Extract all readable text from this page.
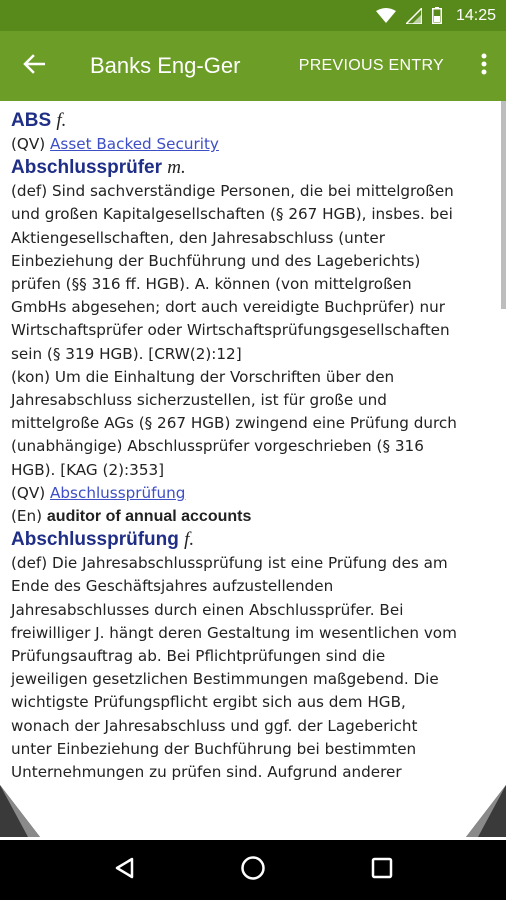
14:25
Banks Eng-Ger	PREVIOUS ENTRY
ABS f.
(QV) Asset Backed Security
Abschlussprüfer m.
(def) Sind sachverständige Personen, die bei mittelgroßen
und großen Kapitalgesellschaften (§ 267 HGB), insbes. bei
Aktiengesellschaften, den Jahresabschluss (unter
Einbeziehung der Buchführung und des Lageberichts)
prüfen (§§ 316 ff. HGB). A. können (von mittelgroßen
GmbHs abgesehen; dort auch vereidigte Buchprüfer) nur
Wirtschaftsprüfer oder Wirtschaftsprüfungsgesellschaften
sein (§ 319 HGB). [CRW(2):12]
(kon) Um die Einhaltung der Vorschriften über den
Jahresabschluss sicherzustellen, ist für große und
mittelgroße AGs (§ 267 HGB) zwingend eine Prüfung durch
(unabhängige) Abschlussprüfer vorgeschrieben (§ 316
HGB). [KAG (2):353]
(QV) Abschlussprüfung
(En) auditor of annual accounts
Abschlussprüfung f.
(def) Die Jahresabschlussprüfung ist eine Prüfung des am
Ende des Geschäftsjahres aufzustellenden
Jahresabschlusses durch einen Abschlussprüfer. Bei
freiwilliger J. hängt deren Gestaltung im wesentlichen vom
Prüfungsauftrag ab. Bei Pflichtprüfungen sind die
jeweiligen gesetzlichen Bestimmungen maßgebend. Die
wichtigste Prüfungspflicht ergibt sich aus dem HGB,
wonach der Jahresabschluss und ggf. der Lagebericht
unter Einbeziehung der Buchführung bei bestimmten
Unternehmungen zu prüfen sind. Aufgrund anderer
